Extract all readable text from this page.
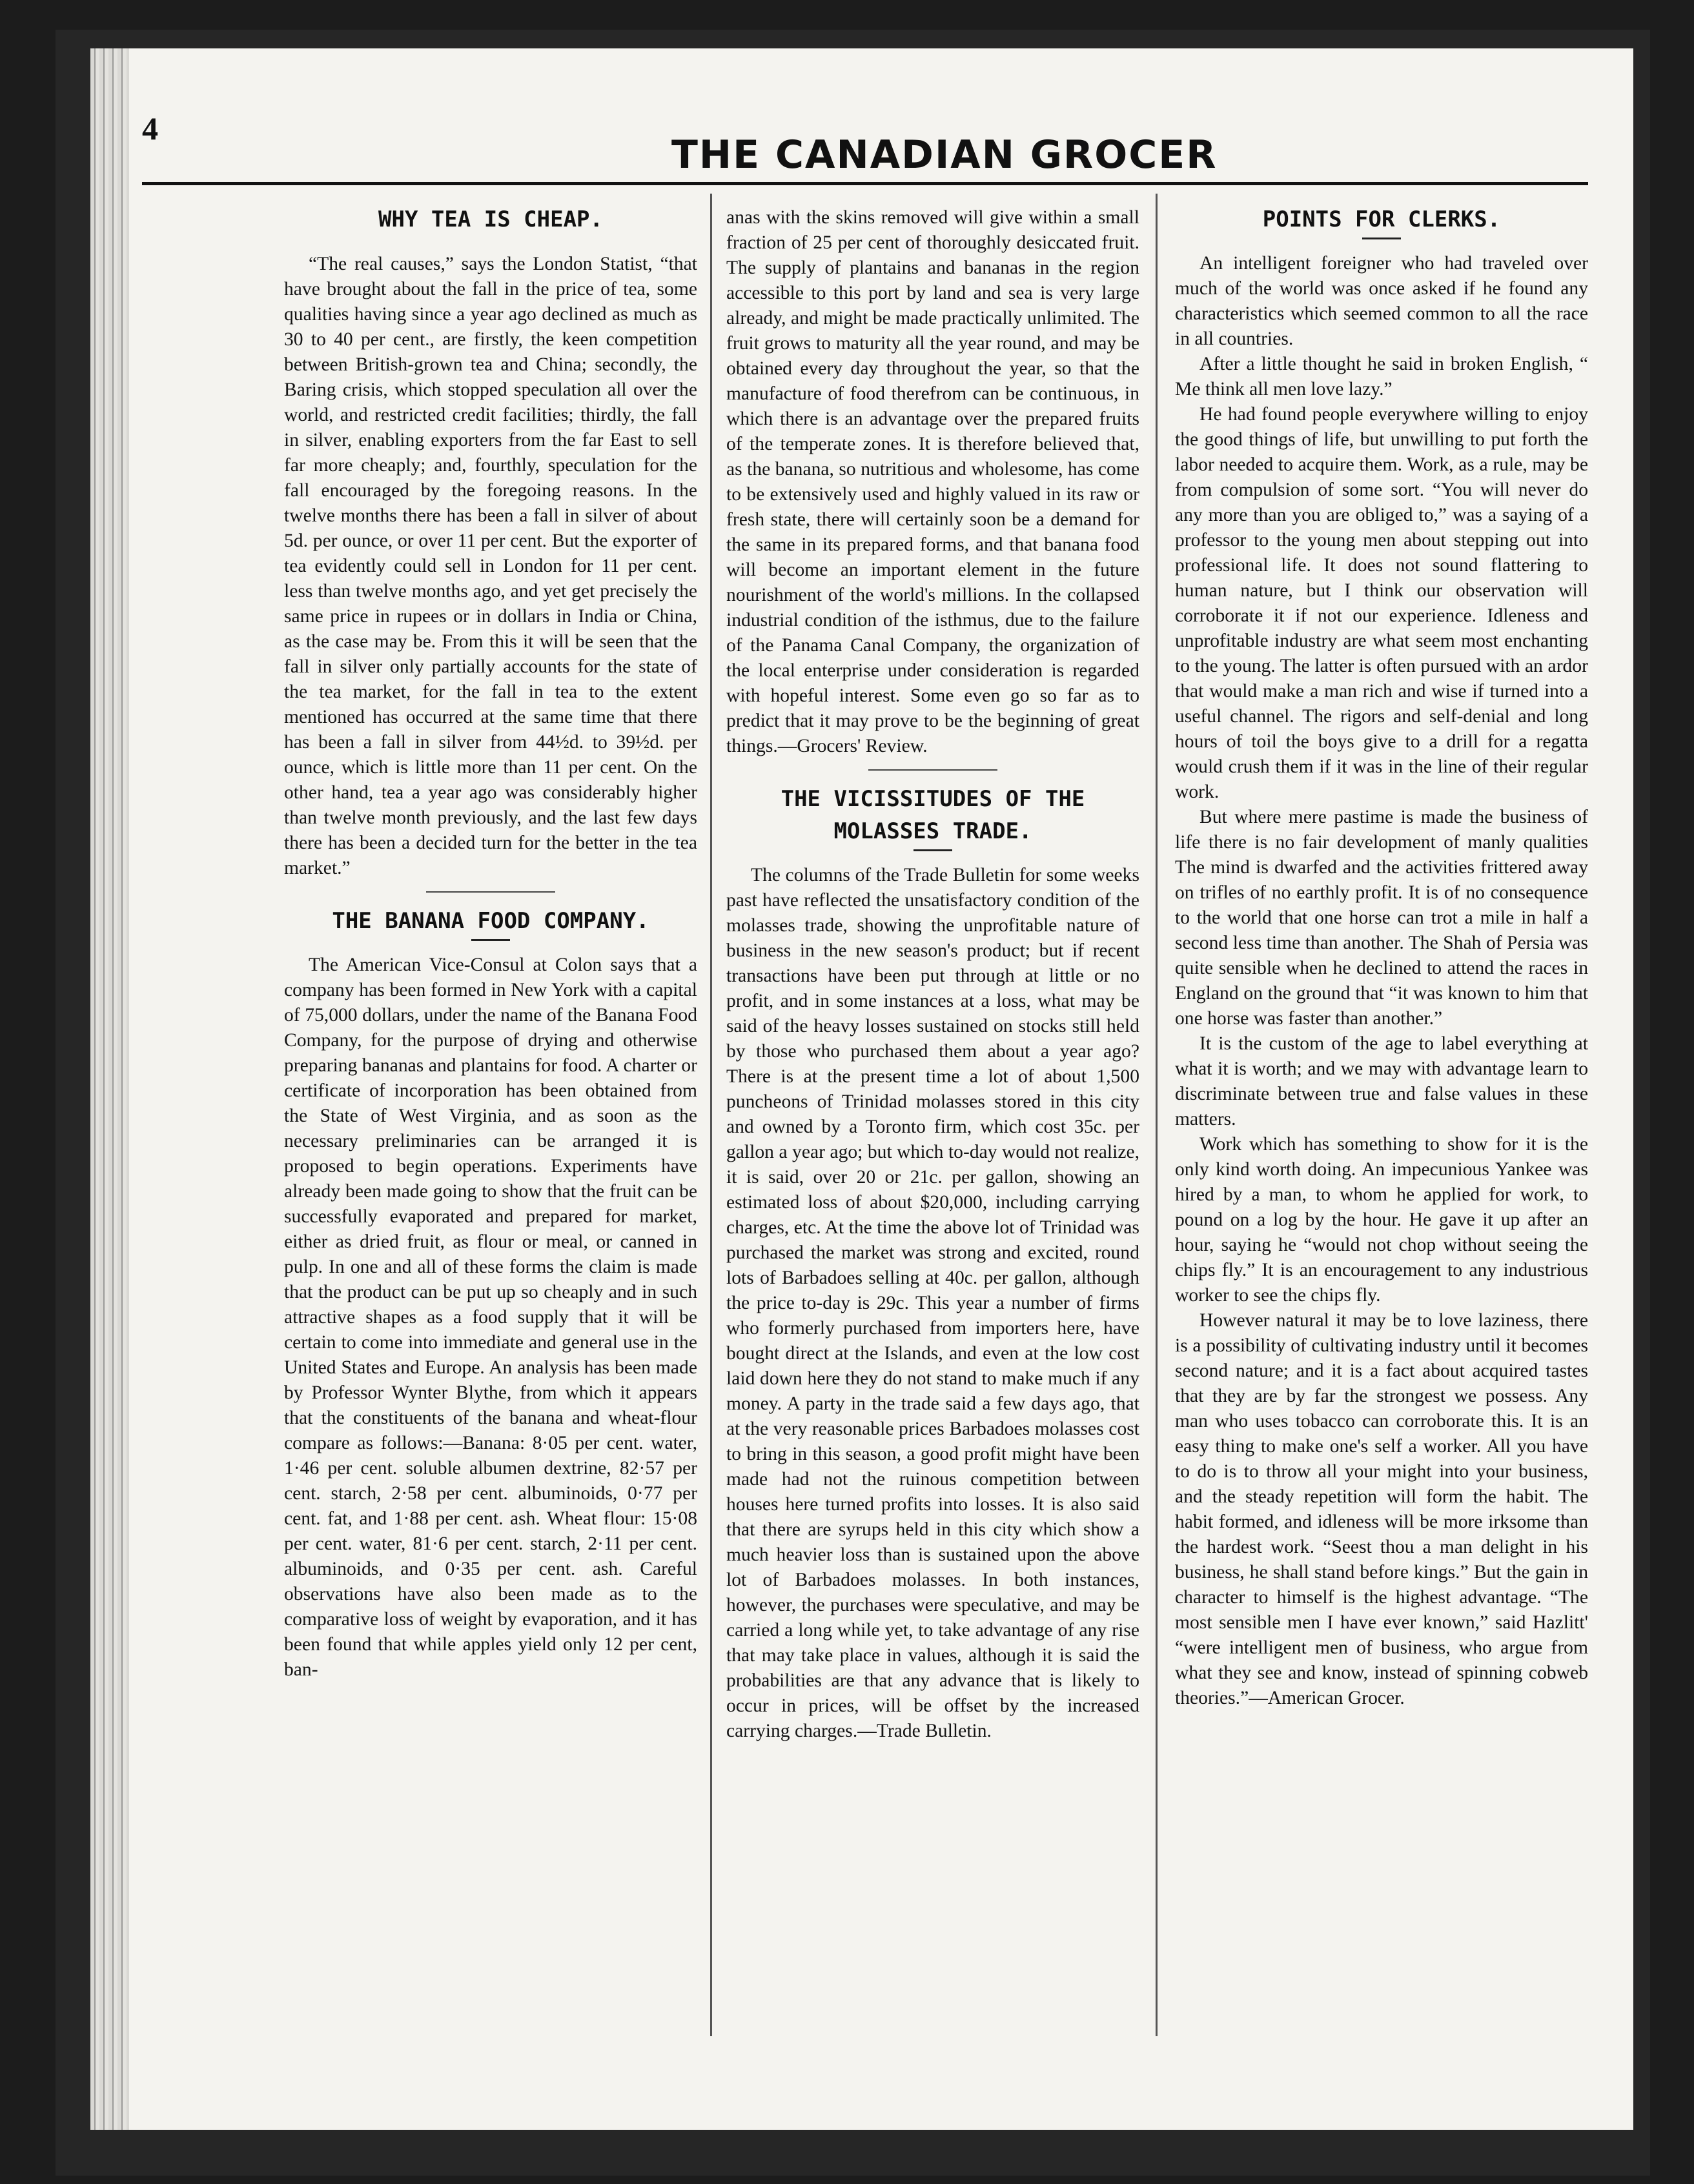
4
THE CANADIAN GROCER
WHY TEA IS CHEAP.

“The real causes,” says the London Statist, “that have brought about the fall in the price of tea, some qualities having since a year ago declined as much as 30 to 40 per cent., are firstly, the keen competition between British-grown tea and China; secondly, the Baring crisis, which stopped speculation all over the world, and restricted credit facilities; thirdly, the fall in silver, enabling exporters from the far East to sell far more cheaply; and, fourthly, speculation for the fall encouraged by the foregoing reasons. In the twelve months there has been a fall in silver of about 5d. per ounce, or over 11 per cent. But the exporter of tea evidently could sell in London for 11 per cent. less than twelve months ago, and yet get precisely the same price in rupees or in dollars in India or China, as the case may be. From this it will be seen that the fall in silver only partially accounts for the state of the tea market, for the fall in tea to the extent mentioned has occurred at the same time that there has been a fall in silver from 44½d. to 39½d. per ounce, which is little more than 11 per cent. On the other hand, tea a year ago was considerably higher than twelve month previously, and the last few days there has been a decided turn for the better in the tea market.”

THE BANANA FOOD COMPANY.

The American Vice-Consul at Colon says that a company has been formed in New York with a capital of 75,000 dollars, under the name of the Banana Food Company, for the purpose of drying and otherwise preparing bananas and plantains for food. A charter or certificate of incorporation has been obtained from the State of West Virginia, and as soon as the necessary preliminaries can be arranged it is proposed to begin operations. Experiments have already been made going to show that the fruit can be successfully evaporated and prepared for market, either as dried fruit, as flour or meal, or canned in pulp. In one and all of these forms the claim is made that the product can be put up so cheaply and in such attractive shapes as a food supply that it will be certain to come into immediate and general use in the United States and Europe. An analysis has been made by Professor Wynter Blythe, from which it appears that the constituents of the banana and wheat-flour compare as follows:—Banana: 8·05 per cent. water, 1·46 per cent. soluble albumen dextrine, 82·57 per cent. starch, 2·58 per cent. albuminoids, 0·77 per cent. fat, and 1·88 per cent. ash. Wheat flour: 15·08 per cent. water, 81·6 per cent. starch, 2·11 per cent. albuminoids, and 0·35 per cent. ash. Careful observations have also been made as to the comparative loss of weight by evaporation, and it has been found that while apples yield only 12 per cent, ban-

anas with the skins removed will give within a small fraction of 25 per cent of thoroughly desiccated fruit. The supply of plantains and bananas in the region accessible to this port by land and sea is very large already, and might be made practically unlimited. The fruit grows to maturity all the year round, and may be obtained every day throughout the year, so that the manufacture of food therefrom can be continuous, in which there is an advantage over the prepared fruits of the temperate zones. It is therefore believed that, as the banana, so nutritious and wholesome, has come to be extensively used and highly valued in its raw or fresh state, there will certainly soon be a demand for the same in its prepared forms, and that banana food will become an important element in the future nourishment of the world's millions. In the collapsed industrial condition of the isthmus, due to the failure of the Panama Canal Company, the organization of the local enterprise under consideration is regarded with hopeful interest. Some even go so far as to predict that it may prove to be the beginning of great things.—Grocers' Review.

THE VICISSITUDES OF THE
MOLASSES TRADE.

The columns of the Trade Bulletin for some weeks past have reflected the unsatisfactory condition of the molasses trade, showing the unprofitable nature of business in the new season's product; but if recent transactions have been put through at little or no profit, and in some instances at a loss, what may be said of the heavy losses sustained on stocks still held by those who purchased them about a year ago? There is at the present time a lot of about 1,500 puncheons of Trinidad molasses stored in this city and owned by a Toronto firm, which cost 35c. per gallon a year ago; but which to-day would not realize, it is said, over 20 or 21c. per gallon, showing an estimated loss of about $20,000, including carrying charges, etc. At the time the above lot of Trinidad was purchased the market was strong and excited, round lots of Barbadoes selling at 40c. per gallon, although the price to-day is 29c. This year a number of firms who formerly purchased from importers here, have bought direct at the Islands, and even at the low cost laid down here they do not stand to make much if any money. A party in the trade said a few days ago, that at the very reasonable prices Barbadoes molasses cost to bring in this season, a good profit might have been made had not the ruinous competition between houses here turned profits into losses. It is also said that there are syrups held in this city which show a much heavier loss than is sustained upon the above lot of Barbadoes molasses. In both instances, however, the purchases were speculative, and may be carried a long while yet, to take advantage of any rise that may take place in values, although it is said the probabilities are that any advance that is likely to occur in prices, will be offset by the increased carrying charges.—Trade Bulletin.

POINTS FOR CLERKS.

An intelligent foreigner who had traveled over much of the world was once asked if he found any characteristics which seemed common to all the race in all countries.

After a little thought he said in broken English, “ Me think all men love lazy.”

He had found people everywhere willing to enjoy the good things of life, but unwilling to put forth the labor needed to acquire them. Work, as a rule, may be from compulsion of some sort. “You will never do any more than you are obliged to,” was a saying of a professor to the young men about stepping out into professional life. It does not sound flattering to human nature, but I think our observation will corroborate it if not our experience. Idleness and unprofitable industry are what seem most enchanting to the young. The latter is often pursued with an ardor that would make a man rich and wise if turned into a useful channel. The rigors and self-denial and long hours of toil the boys give to a drill for a regatta would crush them if it was in the line of their regular work.

But where mere pastime is made the business of life there is no fair development of manly qualities The mind is dwarfed and the activities frittered away on trifles of no earthly profit. It is of no consequence to the world that one horse can trot a mile in half a second less time than another. The Shah of Persia was quite sensible when he declined to attend the races in England on the ground that “it was known to him that one horse was faster than another.”

It is the custom of the age to label everything at what it is worth; and we may with advantage learn to discriminate between true and false values in these matters.

Work which has something to show for it is the only kind worth doing. An impecunious Yankee was hired by a man, to whom he applied for work, to pound on a log by the hour. He gave it up after an hour, saying he “would not chop without seeing the chips fly.” It is an encouragement to any industrious worker to see the chips fly.

However natural it may be to love laziness, there is a possibility of cultivating industry until it becomes second nature; and it is a fact about acquired tastes that they are by far the strongest we possess. Any man who uses tobacco can corroborate this. It is an easy thing to make one's self a worker. All you have to do is to throw all your might into your business, and the steady repetition will form the habit. The habit formed, and idleness will be more irksome than the hardest work. “Seest thou a man delight in his business, he shall stand before kings.” But the gain in character to himself is the highest advantage. “The most sensible men I have ever known,” said Hazlitt' “were intelligent men of business, who argue from what they see and know, instead of spinning cobweb theories.”—American Grocer.
